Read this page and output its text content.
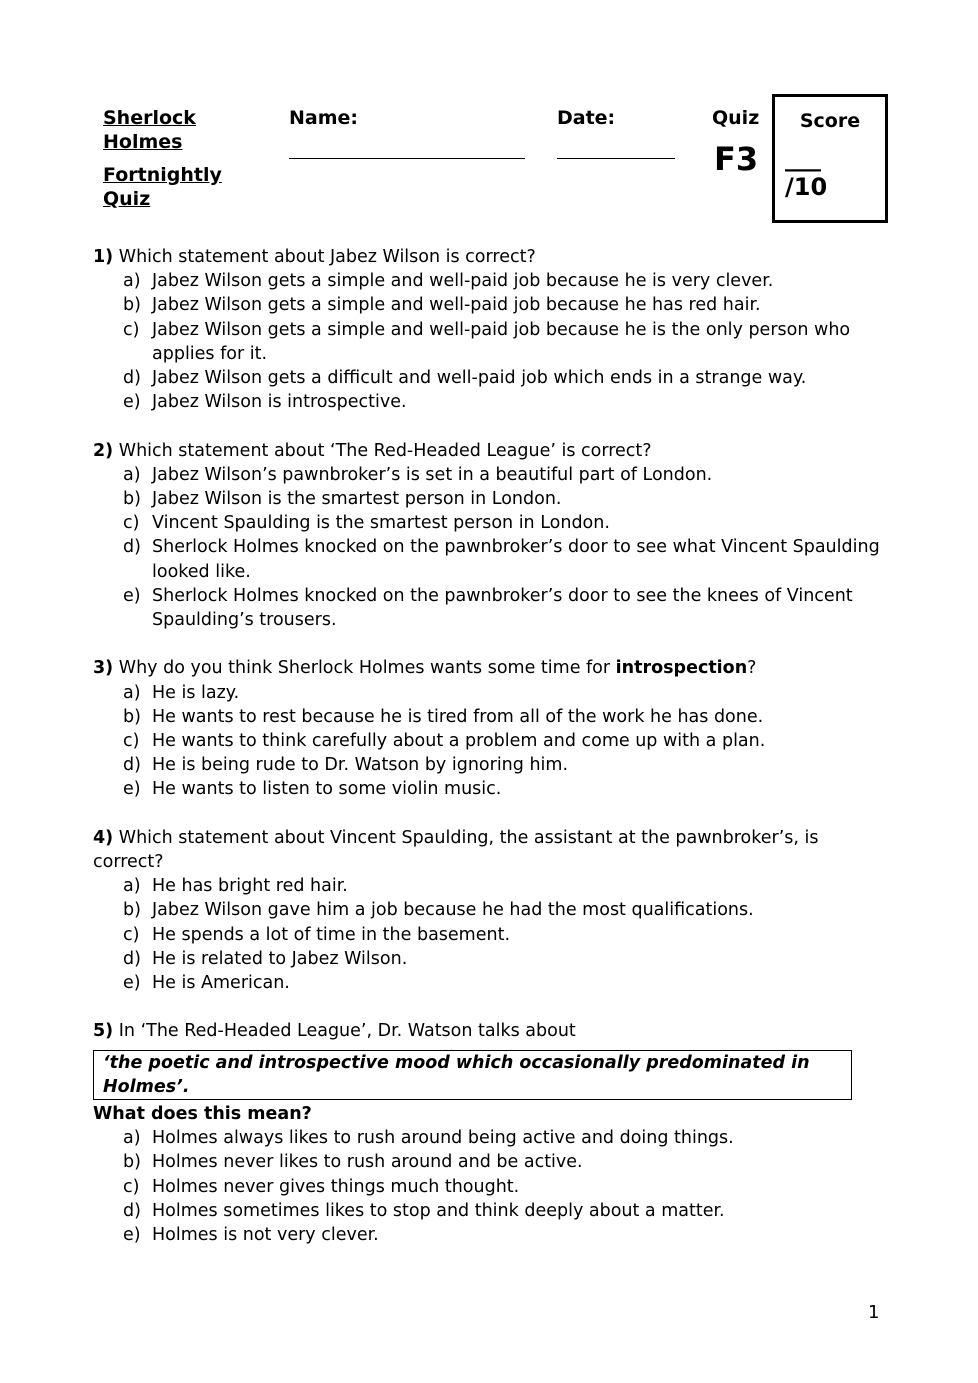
Sherlock Holmes
Fortnightly Quiz
Name:	Date:	Quiz
F3
Score
___
/10

1) Which statement about Jabez Wilson is correct?

a) Jabez Wilson gets a simple and well-paid job because he is very clever.
b) Jabez Wilson gets a simple and well-paid job because he has red hair.
c) Jabez Wilson gets a simple and well-paid job because he is the only person who applies for it.
d) Jabez Wilson gets a difficult and well-paid job which ends in a strange way.
e) Jabez Wilson is introspective.

2) Which statement about ‘The Red-Headed League’ is correct?

a) Jabez Wilson’s pawnbroker’s is set in a beautiful part of London.
b) Jabez Wilson is the smartest person in London.
c) Vincent Spaulding is the smartest person in London.
d) Sherlock Holmes knocked on the pawnbroker’s door to see what Vincent Spaulding looked like.
e) Sherlock Holmes knocked on the pawnbroker’s door to see the knees of Vincent Spaulding’s trousers.

3) Why do you think Sherlock Holmes wants some time for introspection?

a) He is lazy.
b) He wants to rest because he is tired from all of the work he has done.
c) He wants to think carefully about a problem and come up with a plan.
d) He is being rude to Dr. Watson by ignoring him.
e) He wants to listen to some violin music.

4) Which statement about Vincent Spaulding, the assistant at the pawnbroker’s, is correct?

a) He has bright red hair.
b) Jabez Wilson gave him a job because he had the most qualifications.
c) He spends a lot of time in the basement.
d) He is related to Jabez Wilson.
e) He is American.

5) In ‘The Red-Headed League’, Dr. Watson talks about

‘the poetic and introspective mood which occasionally predominated in Holmes’.

What does this mean?

a) Holmes always likes to rush around being active and doing things.
b) Holmes never likes to rush around and be active.
c) Holmes never gives things much thought.
d) Holmes sometimes likes to stop and think deeply about a matter.
e) Holmes is not very clever.
1
